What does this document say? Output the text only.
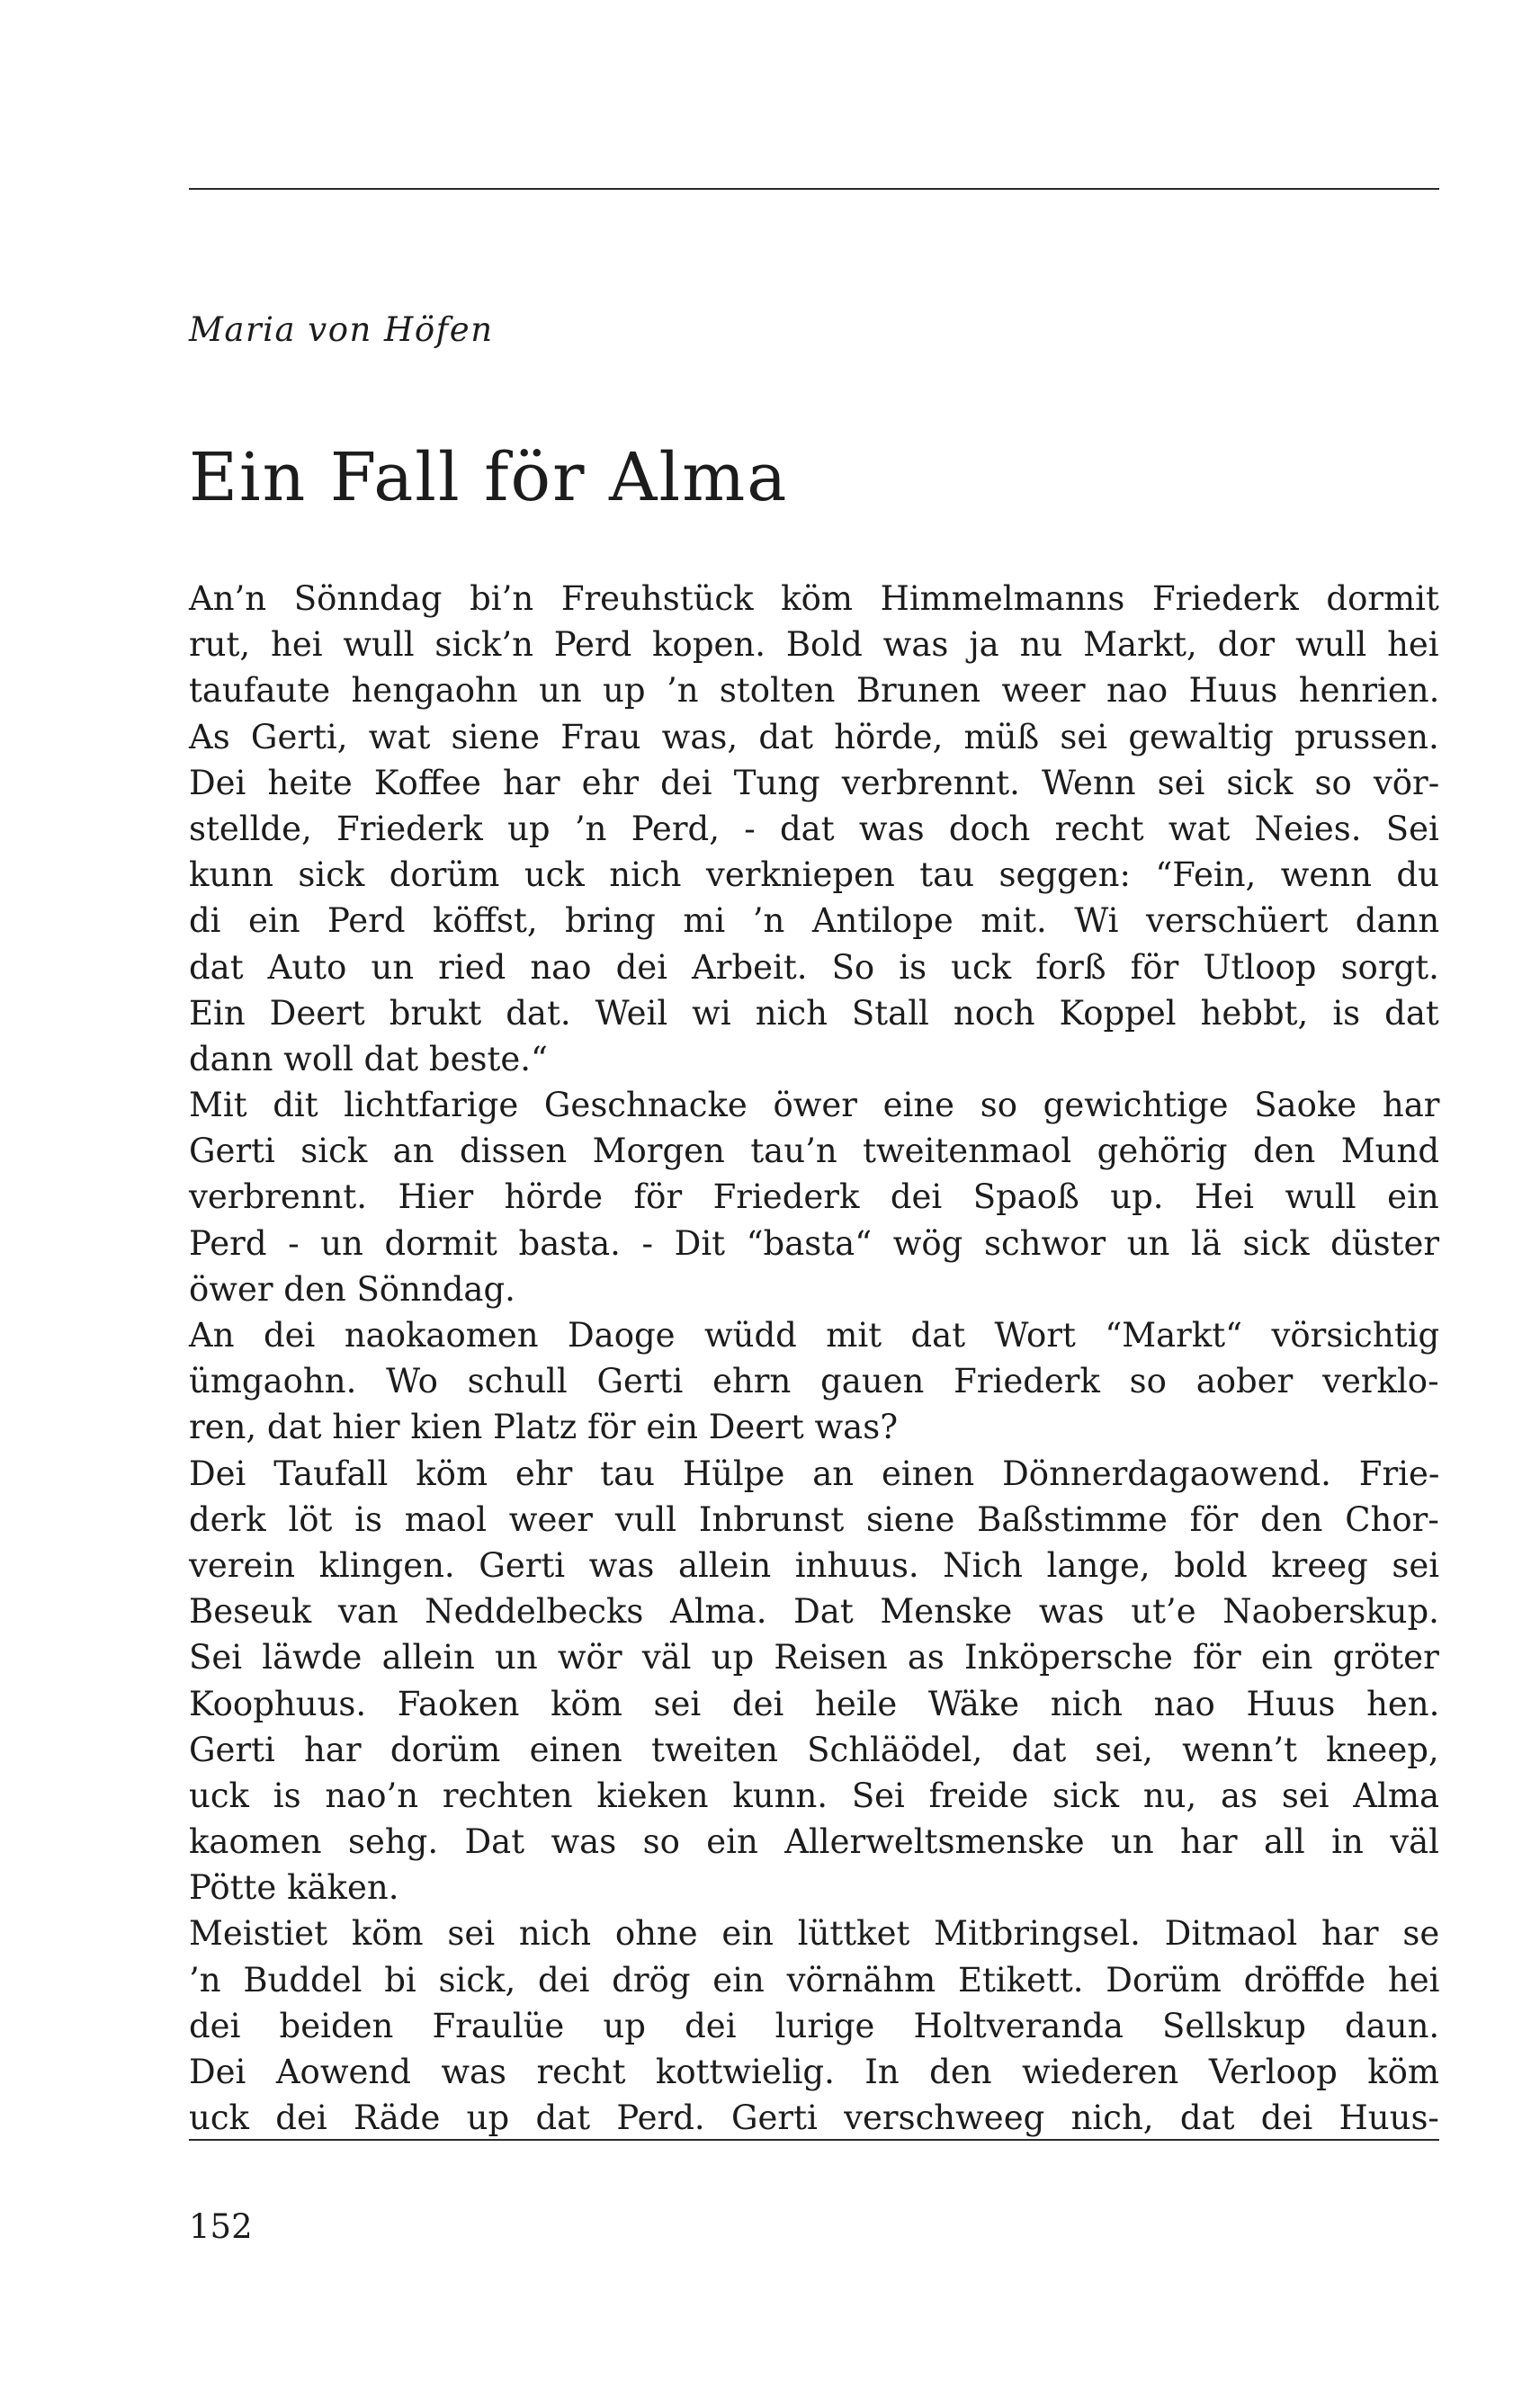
Maria von Höfen
Ein Fall för Alma
An’n Sönndag bi’n Freuhstück köm Himmelmanns Friederk dormit
rut, hei wull sick’n Perd kopen. Bold was ja nu Markt, dor wull hei
taufaute hengaohn un up ’n stolten Brunen weer nao Huus henrien.
As Gerti, wat siene Frau was, dat hörde, müß sei gewaltig prussen.
Dei heite Koffee har ehr dei Tung verbrennt. Wenn sei sick so vör-
stellde, Friederk up ’n Perd, - dat was doch recht wat Neies. Sei
kunn sick dorüm uck nich verkniepen tau seggen: “Fein, wenn du
di ein Perd köffst, bring mi ’n Antilope mit. Wi verschüert dann
dat Auto un ried nao dei Arbeit. So is uck forß för Utloop sorgt.
Ein Deert brukt dat. Weil wi nich Stall noch Koppel hebbt, is dat
dann woll dat beste.“
Mit dit lichtfarige Geschnacke öwer eine so gewichtige Saoke har
Gerti sick an dissen Morgen tau’n tweitenmaol gehörig den Mund
verbrennt. Hier hörde för Friederk dei Spaoß up. Hei wull ein
Perd - un dormit basta. - Dit “basta“ wög schwor un lä sick düster
öwer den Sönndag.
An dei naokaomen Daoge wüdd mit dat Wort “Markt“ vörsichtig
ümgaohn. Wo schull Gerti ehrn gauen Friederk so aober verklo-
ren, dat hier kien Platz för ein Deert was?
Dei Taufall köm ehr tau Hülpe an einen Dönnerdagaowend. Frie-
derk löt is maol weer vull Inbrunst siene Baßstimme för den Chor-
verein klingen. Gerti was allein inhuus. Nich lange, bold kreeg sei
Beseuk van Neddelbecks Alma. Dat Menske was ut’e Naoberskup.
Sei läwde allein un wör väl up Reisen as Inköpersche för ein gröter
Koophuus. Faoken köm sei dei heile Wäke nich nao Huus hen.
Gerti har dorüm einen tweiten Schläödel, dat sei, wenn’t kneep,
uck is nao’n rechten kieken kunn. Sei freide sick nu, as sei Alma
kaomen sehg. Dat was so ein Allerweltsmenske un har all in väl
Pötte käken.
Meistiet köm sei nich ohne ein lüttket Mitbringsel. Ditmaol har se
’n Buddel bi sick, dei drög ein vörnähm Etikett. Dorüm dröffde hei
dei beiden Fraulüe up dei lurige Holtveranda Sellskup daun.
Dei Aowend was recht kottwielig. In den wiederen Verloop köm
uck dei Räde up dat Perd. Gerti verschweeg nich, dat dei Huus-
152
